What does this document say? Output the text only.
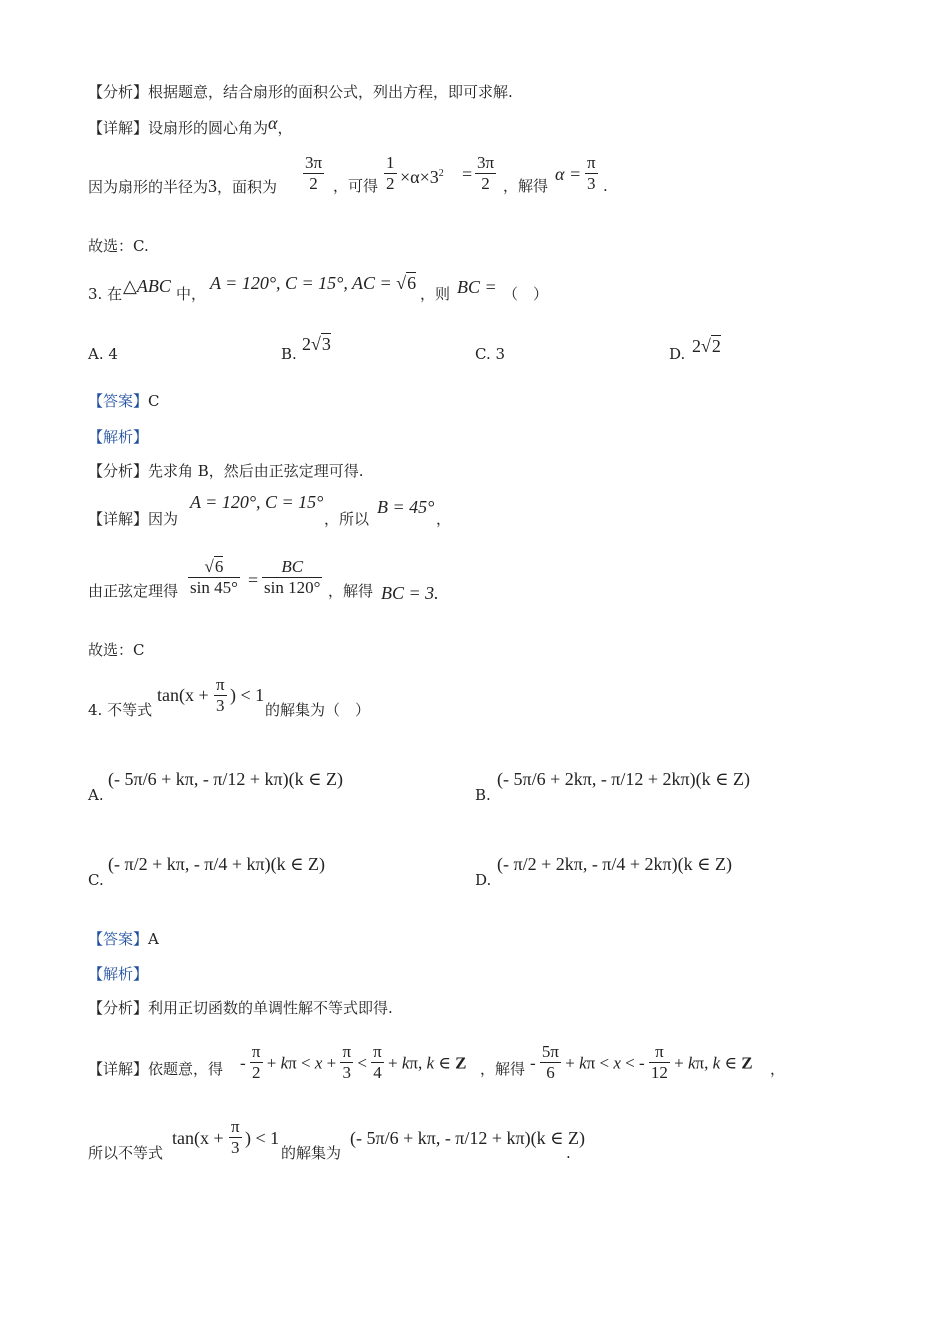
【分析】根据题意，结合扇形的面积公式，列出方程，即可求解.
【详解】设扇形的圆心角为α，
因为扇形的半径为3，面积为 $\frac{3\pi}{2}$ ，可得 $\frac{1}{2} \times\alpha\times 3^2 = \frac{3\pi}{2}$ ，解得
$\alpha = \frac{\pi}{3}$ .
故选：C.
3. 在 △ABC 中，
A = 120°, C = 15°, AC = √6
，则 BC = （　）
A. 4	B. 2√3	C. 3	D. 2√2
【答案】C
【解析】
【分析】先求角 B，然后由正弦定理可得.
【详解】因为
A = 120°, C = 15°
，所以
B = 45°
，
由正弦定理得 $\frac{√6}{\sin 45^\circ} = \frac{BC}{\sin 120^\circ}$ ，解得 BC = 3.
故选：C
4. 不等式
$\tan(x + \frac{\pi}{3}$ ) < 1
的解集为（　）
A.
(- 5π/6 + kπ, - π/12 + kπ)(k ∈ Z)
B.
(- 5π/6 + 2kπ, - π/12 + 2kπ)(k ∈ Z)
C.
(- π/2 + kπ, - π/4 + kπ)(k ∈ Z)
D.
(- π/2 + 2kπ, - π/4 + 2kπ)(k ∈ Z)
【答案】A
【解析】
【分析】利用正切函数的单调性解不等式即得.
【详解】依题意，得 - $\frac{\pi}{2} + k\pi < x + \frac{\pi}{3} < \frac{\pi}{4} + k\pi$, k ∈ Z ，解得 - $\frac{5\pi}{6} + k\pi < x$ < - $\frac{\pi}{12} + k\pi$, k ∈ Z ，
所以不等式
$\tan(x + \frac{\pi}{3}$ ) < 1
的解集为
(- 5π/6 + kπ, - π/12 + kπ)(k ∈ Z)
.
